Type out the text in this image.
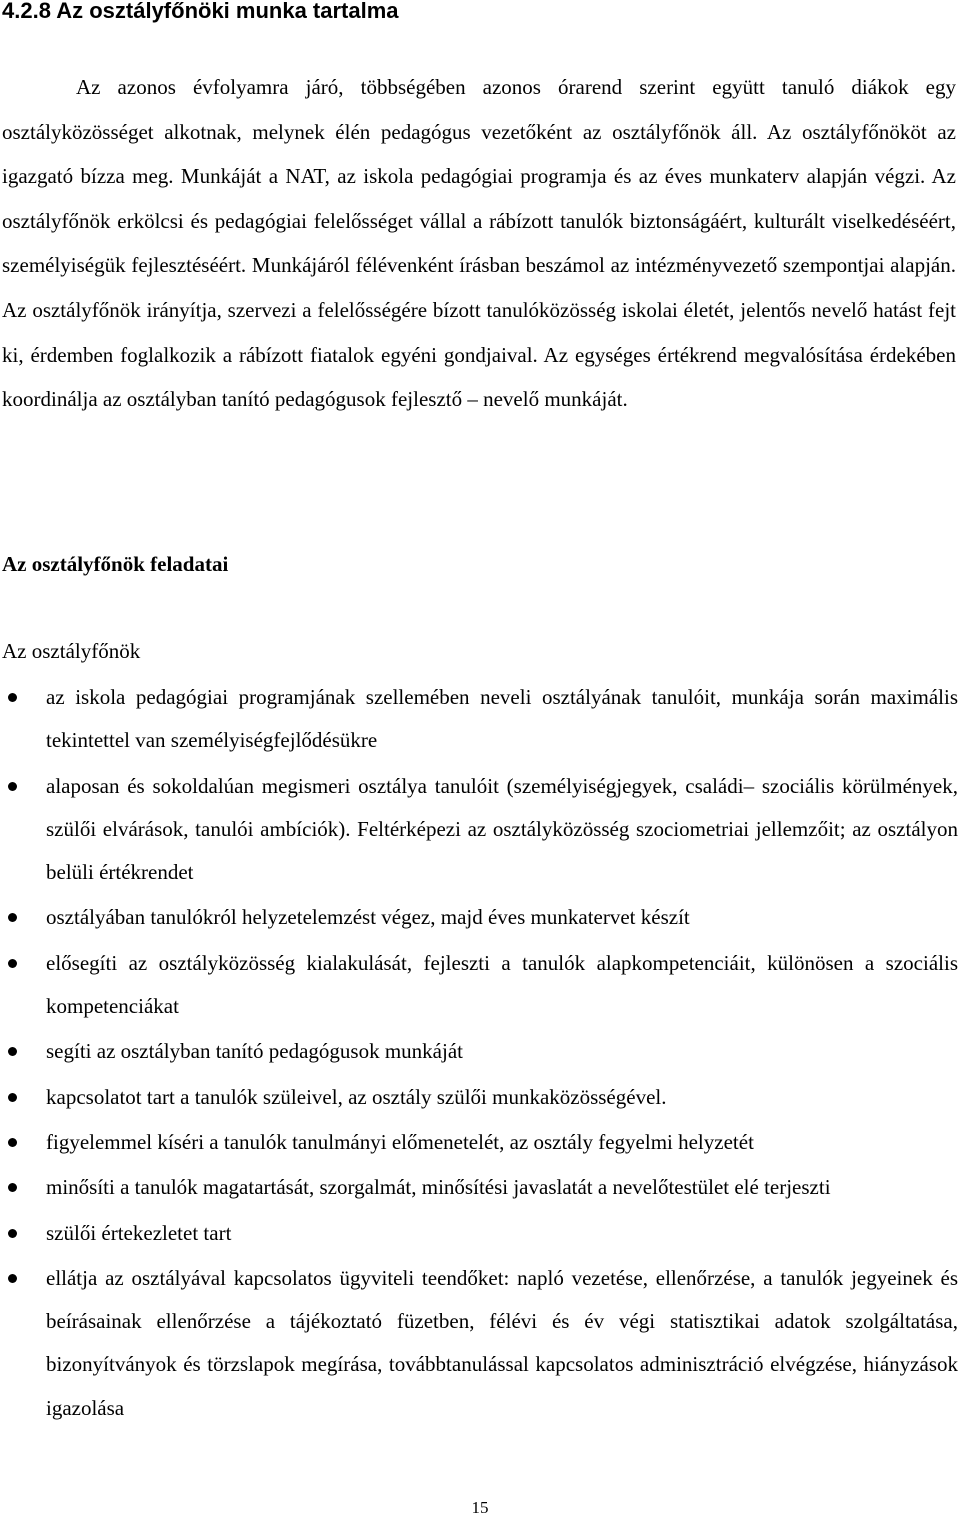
4.2.8 Az osztályfőnöki munka tartalma

Az azonos évfolyamra járó, többségében azonos órarend szerint együtt tanuló diákok egy osztályközösséget alkotnak, melynek élén pedagógus vezetőként az osztályfőnök áll. Az osztályfőnököt az igazgató bízza meg. Munkáját a NAT, az iskola pedagógiai programja és az éves munkaterv alapján végzi. Az osztályfőnök erkölcsi és pedagógiai felelősséget vállal a rábízott tanulók biztonságáért, kulturált viselkedéséért, személyiségük fejlesztéséért. Munkájáról félévenként írásban beszámol az intézményvezető szempontjai alapján. Az osztályfőnök irányítja, szervezi a felelősségére bízott tanulóközösség iskolai életét, jelentős nevelő hatást fejt ki, érdemben foglalkozik a rábízott fiatalok egyéni gondjaival. Az egységes értékrend megvalósítása érdekében koordinálja az osztályban tanító pedagógusok fejlesztő – nevelő munkáját.

Az osztályfőnök feladatai

Az osztályfőnök

az iskola pedagógiai programjának szellemében neveli osztályának tanulóit, munkája során maximális tekintettel van személyiségfejlődésükre
alaposan és sokoldalúan megismeri osztálya tanulóit (személyiségjegyek, családi– szociális körülmények, szülői elvárások, tanulói ambíciók). Feltérképezi az osztályközösség szociometriai jellemzőit; az osztályon belüli értékrendet
osztályában tanulókról helyzetelemzést végez, majd éves munkatervet készít
elősegíti az osztályközösség kialakulását, fejleszti a tanulók alapkompetenciáit, különösen a szociális kompetenciákat
segíti az osztályban tanító pedagógusok munkáját
kapcsolatot tart a tanulók szüleivel, az osztály szülői munkaközösségével.
figyelemmel kíséri a tanulók tanulmányi előmenetelét, az osztály fegyelmi helyzetét
minősíti a tanulók magatartását, szorgalmát, minősítési javaslatát a nevelőtestület elé terjeszti
szülői értekezletet tart
ellátja az osztályával kapcsolatos ügyviteli teendőket: napló vezetése, ellenőrzése, a tanulók jegyeinek és beírásainak ellenőrzése a tájékoztató füzetben, félévi és év végi statisztikai adatok szolgáltatása, bizonyítványok és törzslapok megírása, továbbtanulással kapcsolatos adminisztráció elvégzése, hiányzások igazolása

15
